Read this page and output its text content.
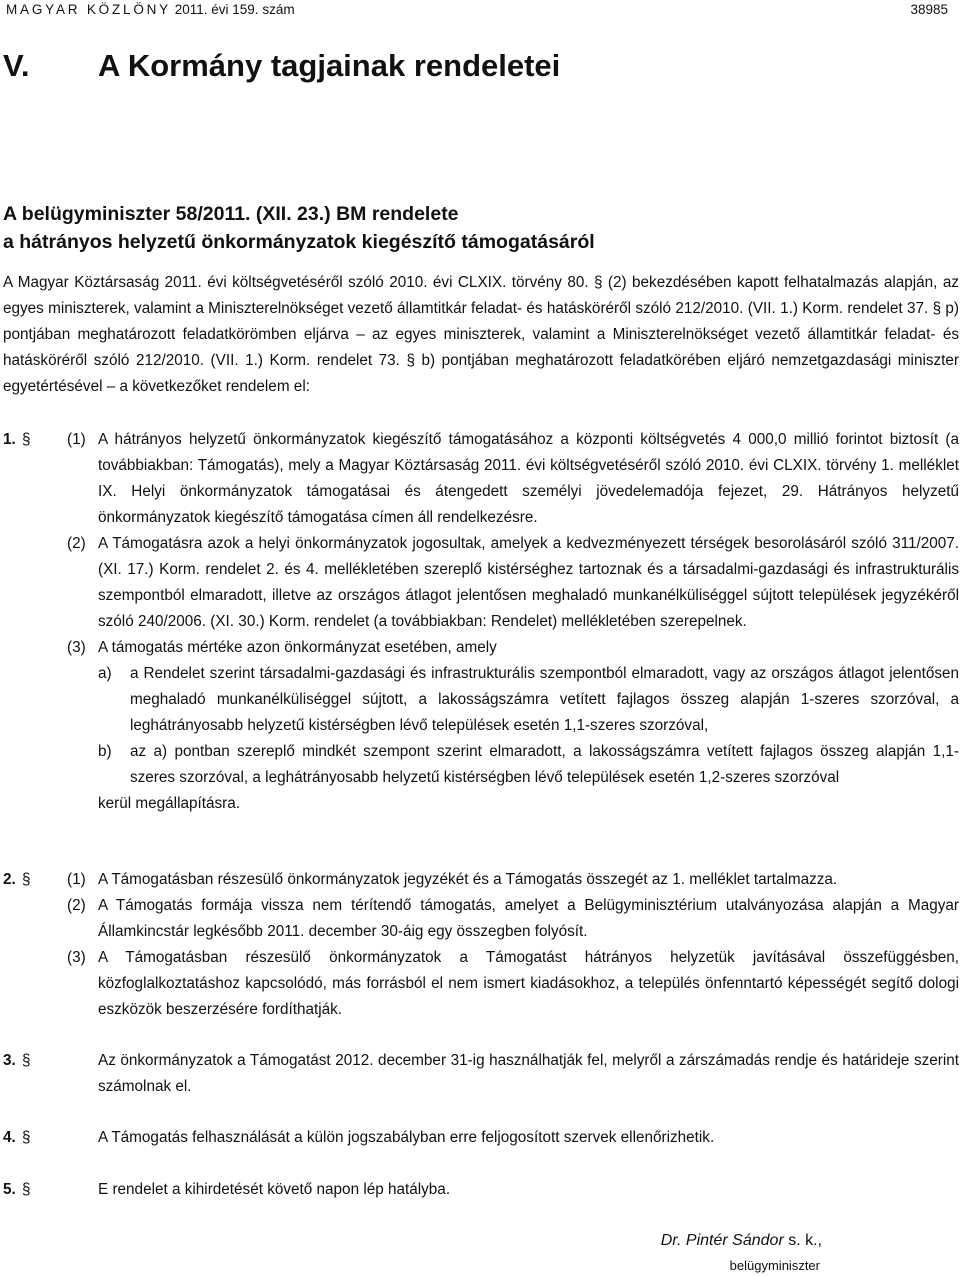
MAGYAR KÖZLÖNY 2011. évi 159. szám	38985
V. A Kormány tagjainak rendeletei
A belügyminiszter 58/2011. (XII. 23.) BM rendelete
a hátrányos helyzetű önkormányzatok kiegészítő támogatásáról
A Magyar Köztársaság 2011. évi költségvetéséről szóló 2010. évi CLXIX. törvény 80. § (2) bekezdésében kapott felhatalmazás alapján, az egyes miniszterek, valamint a Miniszterelnökséget vezető államtitkár feladat- és hatásköréről szóló 212/2010. (VII. 1.) Korm. rendelet 37. § p) pontjában meghatározott feladatkörömben eljárva – az egyes miniszterek, valamint a Miniszterelnökséget vezető államtitkár feladat- és hatásköréről szóló 212/2010. (VII. 1.) Korm. rendelet 73. § b) pontjában meghatározott feladatkörében eljáró nemzetgazdasági miniszter egyetértésével – a következőket rendelem el:
1. § (1) A hátrányos helyzetű önkormányzatok kiegészítő támogatásához a központi költségvetés 4 000,0 millió forintot biztosít (a továbbiakban: Támogatás), mely a Magyar Köztársaság 2011. évi költségvetéséről szóló 2010. évi CLXIX. törvény 1. melléklet IX. Helyi önkormányzatok támogatásai és átengedett személyi jövedelemadója fejezet, 29. Hátrányos helyzetű önkormányzatok kiegészítő támogatása címen áll rendelkezésre.
(2) A Támogatásra azok a helyi önkormányzatok jogosultak, amelyek a kedvezményezett térségek besorolásáról szóló 311/2007. (XI. 17.) Korm. rendelet 2. és 4. mellékletében szereplő kistérséghez tartoznak és a társadalmi-gazdasági és infrastrukturális szempontból elmaradott, illetve az országos átlagot jelentősen meghaladó munkanélküliséggel sújtott települések jegyzékéről szóló 240/2006. (XI. 30.) Korm. rendelet (a továbbiakban: Rendelet) mellékletében szerepelnek.
(3) A támogatás mértéke azon önkormányzat esetében, amely
a) a Rendelet szerint társadalmi-gazdasági és infrastrukturális szempontból elmaradott, vagy az országos átlagot jelentősen meghaladó munkanélküliséggel sújtott, a lakosságszámra vetített fajlagos összeg alapján 1-szeres szorzóval, a leghátrányosabb helyzetű kistérségben lévő települések esetén 1,1-szeres szorzóval,
b) az a) pontban szereplő mindkét szempont szerint elmaradott, a lakosságszámra vetített fajlagos összeg alapján 1,1-szeres szorzóval, a leghátrányosabb helyzetű kistérségben lévő települések esetén 1,2-szeres szorzóval
kerül megállapításra.
2. § (1) A Támogatásban részesülő önkormányzatok jegyzékét és a Támogatás összegét az 1. melléklet tartalmazza.
(2) A Támogatás formája vissza nem térítendő támogatás, amelyet a Belügyminisztérium utalványozása alapján a Magyar Államkincstár legkésőbb 2011. december 30-áig egy összegben folyósít.
(3) A Támogatásban részesülő önkormányzatok a Támogatást hátrányos helyzetük javításával összefüggésben, közfoglalkoztatáshoz kapcsolódó, más forrásból el nem ismert kiadásokhoz, a település önfenntartó képességét segítő dologi eszközök beszerzésére fordíthatják.
3. §	Az önkormányzatok a Támogatást 2012. december 31-ig használhatják fel, melyről a zárszámadás rendje és határideje szerint számolnak el.
4. §	A Támogatás felhasználását a külön jogszabályban erre feljogosított szervek ellenőrizhetik.
5. §	E rendelet a kihirdetését követő napon lép hatályba.
Dr. Pintér Sándor s. k.,
belügyminiszter
